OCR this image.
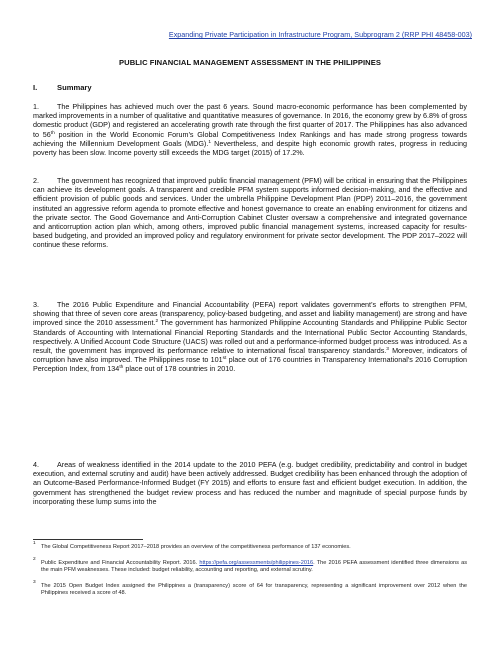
Expanding Private Participation in Infrastructure Program, Subprogram 2 (RRP PHI 48458-003)
PUBLIC FINANCIAL MANAGEMENT ASSESSMENT IN THE PHILIPPINES
I.	Summary
1.	The Philippines has achieved much over the past 6 years. Sound macro-economic performance has been complemented by marked improvements in a number of qualitative and quantitative measures of governance. In 2016, the economy grew by 6.8% of gross domestic product (GDP) and registered an accelerating growth rate through the first quarter of 2017. The Philippines has also advanced to 56th position in the World Economic Forum’s Global Competitiveness Index Rankings and has made strong progress towards achieving the Millennium Development Goals (MDG).$^1$ Nevertheless, and despite high economic growth rates, progress in reducing poverty has been slow. Income poverty still exceeds the MDG target (2015) of 17.2%.
2.	The government has recognized that improved public financial management (PFM) will be critical in ensuring that the Philippines can achieve its development goals. A transparent and credible PFM system supports informed decision-making, and the effective and efficient provision of public goods and services. Under the umbrella Philippine Development Plan (PDP) 2011–2016, the government instituted an aggressive reform agenda to promote effective and honest governance to create an enabling environment for citizens and the private sector. The Good Governance and Anti-Corruption Cabinet Cluster oversaw a comprehensive and integrated governance and anticorruption action plan which, among others, improved public financial management systems, increased capacity for results-based budgeting, and provided an improved policy and regulatory environment for private sector development. The PDP 2017–2022 will continue these reforms.
3.	The 2016 Public Expenditure and Financial Accountability (PEFA) report validates government’s efforts to strengthen PFM, showing that three of seven core areas (transparency, policy-based budgeting, and asset and liability management) are strong and have improved since the 2010 assessment.$^2$ The government has harmonized Philippine Accounting Standards and Philippine Public Sector Standards of Accounting with International Financial Reporting Standards and the International Public Sector Accounting Standards, respectively. A Unified Account Code Structure (UACS) was rolled out and a performance-informed budget process was introduced. As a result, the government has improved its performance relative to international fiscal transparency standards.$^3$ Moreover, indicators of corruption have also improved. The Philippines rose to 101st place out of 176 countries in Transparency International’s 2016 Corruption Perception Index, from 134th place out of 178 countries in 2010.
4.	Areas of weakness identified in the 2014 update to the 2010 PEFA (e.g. budget credibility, predictability and control in budget execution, and external scrutiny and audit) have been actively addressed. Budget credibility has been enhanced through the adoption of an Outcome-Based Performance-Informed Budget (FY 2015) and efforts to ensure fast and efficient budget execution. In addition, the government has strengthened the budget review process and has reduced the number and magnitude of special purpose funds by incorporating these lump sums into the
1
The Global Competitiveness Report 2017–2018 provides an overview of the competitiveness performance of 137 economies.
2
Public Expenditure and Financial Accountability Report. 2016. https://pefa.org/assessments/philippines-2016. The 2016 PEFA assessment identified three dimensions as the main PFM weaknesses. These included: budget reliability, accounting and reporting, and external scrutiny.
3
The 2015 Open Budget Index assigned the Philippines a (transparency) score of 64 for transparency, representing a significant improvement over 2012 when the Philippines received a score of 48.
